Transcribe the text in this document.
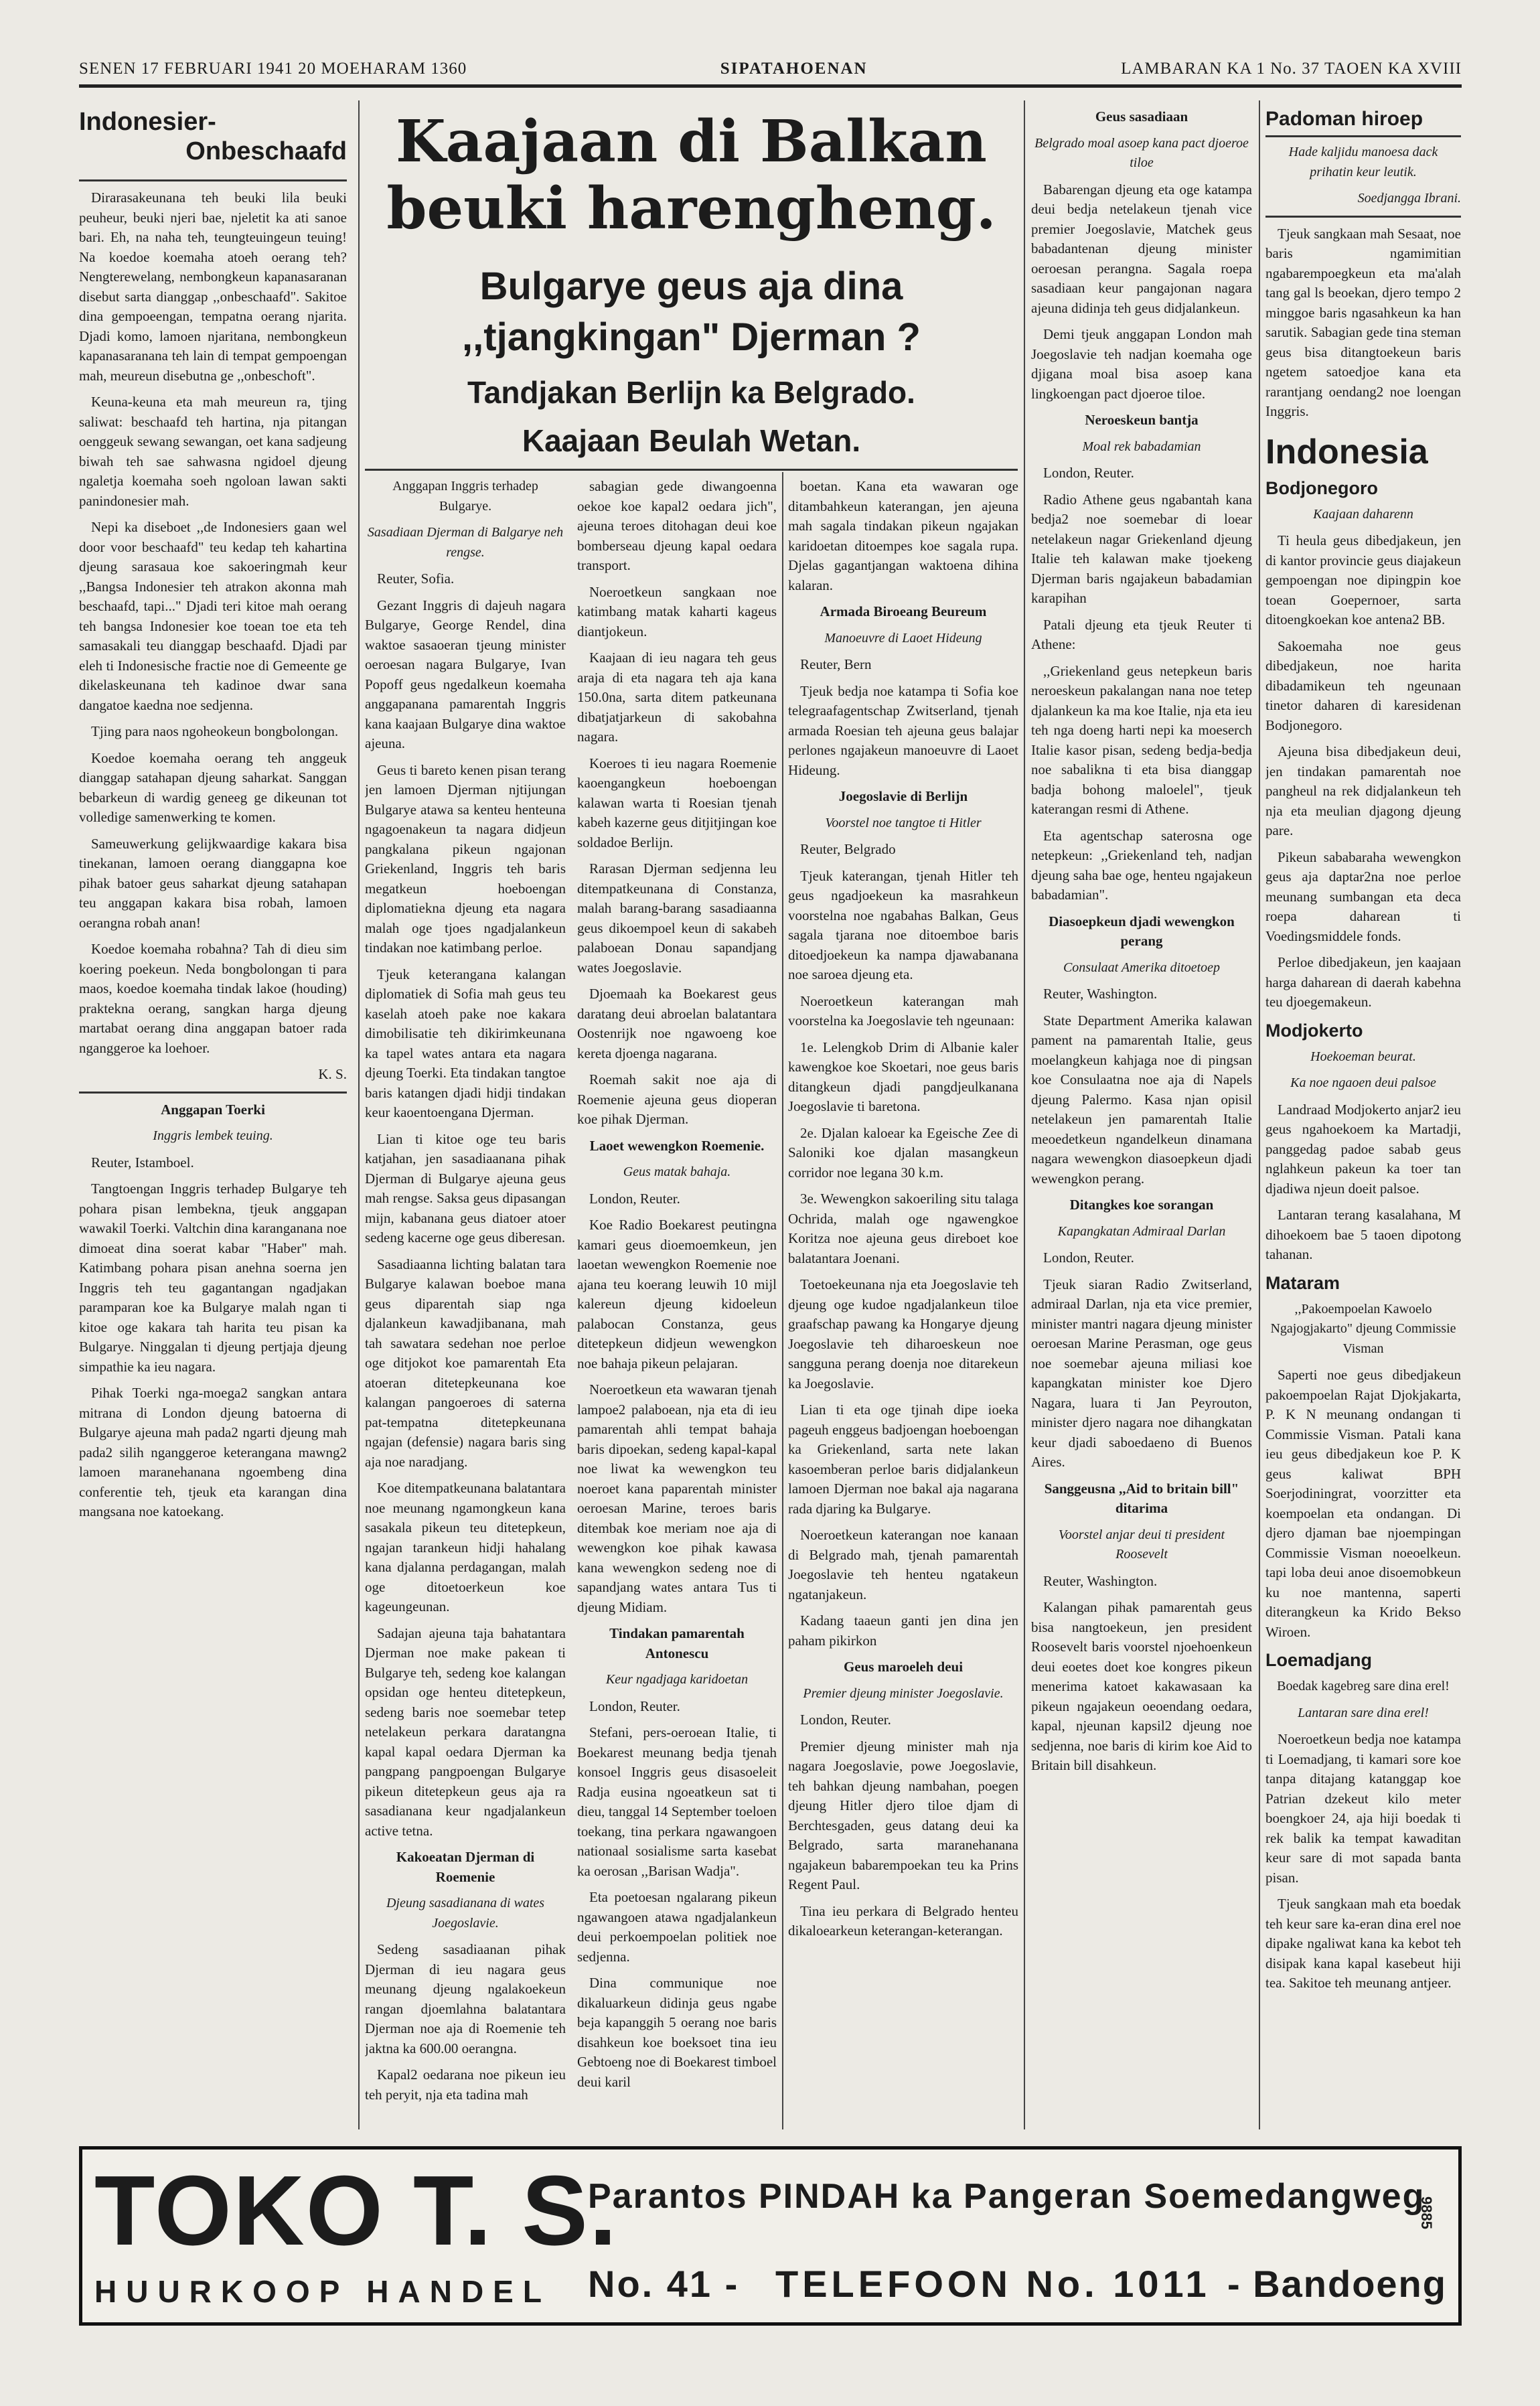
SENEN 17 FEBRUARI 1941 20 MOEHARAM 1360	SIPATAHOENAN	LAMBARAN KA 1 No. 37 TAOEN KA XVIII
Indonesier-
Onbeschaafd

Dirarasakeunana teh beuki lila beuki peuheur, beuki njeri bae, njeletit ka ati sanoe bari. Eh, na naha teh, teungteuingeun teuing! Na koedoe koemaha atoeh oerang teh? Nengterewelang, nembongkeun kapanasaranan disebut sarta dianggap ,,onbeschaafd". Sakitoe dina gempoeengan, tempatna oerang njarita. Djadi komo, lamoen njaritana, nembongkeun kapanasaranana teh lain di tempat gempoengan mah, meureun disebutna ge ,,onbeschoft".

Keuna-keuna eta mah meureun ra, tjing saliwat: beschaafd teh hartina, nja pitangan oenggeuk sewang sewangan, oet kana sadjeung biwah teh sae sahwasna ngidoel djeung ngaletja koemaha soeh ngoloan lawan sakti panindonesier mah.

Nepi ka diseboet ,,de Indonesiers gaan wel door voor beschaafd" teu kedap teh kahartina djeung sarasaua koe sakoeringmah keur ,,Bangsa Indonesier teh atrakon akonna mah beschaafd, tapi..." Djadi teri kitoe mah oerang teh bangsa Indonesier koe toean toe eta teh samasakali teu dianggap beschaafd. Djadi par eleh ti Indonesische fractie noe di Gemeente ge dikelaskeunana teh kadinoe dwar sana dangatoe kaedna noe sedjenna.

Tjing para naos ngoheokeun bongbolongan.

Koedoe koemaha oerang teh anggeuk dianggap satahapan djeung saharkat. Sanggan bebarkeun di wardig geneeg ge dikeunan tot volledige samenwerking te komen.

Sameuwerkung gelijkwaardige kakara bisa tinekanan, lamoen oerang dianggapna koe pihak batoer geus saharkat djeung satahapan teu anggapan kakara bisa robah, lamoen oerangna robah anan!

Koedoe koemaha robahna? Tah di dieu sim koering poekeun. Neda bongbolongan ti para maos, koedoe koemaha tindak lakoe (houding) praktekna oerang, sangkan harga djeung martabat oerang dina anggapan batoer rada nganggeroe ka loehoer.

K. S.

Anggapan Toerki

Inggris lembek teuing.

Reuter, Istamboel.

Tangtoengan Inggris terhadep Bulgarye teh pohara pisan lembekna, tjeuk anggapan wawakil Toerki. Valtchin dina karanganana noe dimoeat dina soerat kabar "Haber" mah. Katimbang pohara pisan anehna soerna jen Inggris teh teu gagantangan ngadjakan paramparan koe ka Bulgarye malah ngan ti kitoe oge kakara tah harita teu pisan ka Bulgarye. Ninggalan ti djeung pertjaja djeung simpathie ka ieu nagara.

Pihak Toerki nga-moega2 sangkan antara mitrana di London djeung batoerna di Bulgarye ajeuna mah pada2 ngarti djeung mah pada2 silih nganggeroe keterangana mawng2 lamoen maranehanana ngoembeng dina conferentie teh, tjeuk eta karangan dina mangsana noe katoekang.

Kaajaan di Balkan
beuki harengheng.
Bulgarye geus aja dina
,,tjangkingan" Djerman ?
Tandjakan Berlijn ka Belgrado.
Kaajaan Beulah Wetan.

Anggapan Inggris terhadep Bulgarye.

Sasadiaan Djerman di Balgarye neh rengse.

Reuter, Sofia.

Gezant Inggris di dajeuh nagara Bulgarye, George Rendel, dina waktoe sasaoeran tjeung minister oeroesan nagara Bulgarye, Ivan Popoff geus ngedalkeun koemaha anggapanana pamarentah Inggris kana kaajaan Bulgarye dina waktoe ajeuna.

Geus ti bareto kenen pisan terang jen lamoen Djerman njtijungan Bulgarye atawa sa kenteu henteuna ngagoenakeun ta nagara didjeun pangkalana pikeun ngajonan Griekenland, Inggris teh baris megatkeun hoeboengan diplomatiekna djeung eta nagara malah oge tjoes ngadjalankeun tindakan noe katimbang perloe.

Tjeuk keterangana kalangan diplomatiek di Sofia mah geus teu kaselah atoeh pake noe kakara dimobilisatie teh dikirimkeunana ka tapel wates antara eta nagara djeung Toerki. Eta tindakan tangtoe baris katangen djadi hidji tindakan keur kaoentoengana Djerman.

Lian ti kitoe oge teu baris katjahan, jen sasadiaanana pihak Djerman di Bulgarye ajeuna geus mah rengse. Saksa geus dipasangan mijn, kabanana geus diatoer atoer sedeng kacerne oge geus diberesan.

Sasadiaanna lichting balatan tara Bulgarye kalawan boeboe mana geus diparentah siap nga djalankeun kawadjibanana, mah tah sawatara sedehan noe perloe oge ditjokot koe pamarentah Eta atoeran ditetepkeunana koe kalangan pangoeroes di saterna pat-tempatna ditetepkeunana ngajan (defensie) nagara baris sing aja noe naradjang.

Koe ditempatkeunana balatantara noe meunang ngamongkeun kana sasakala pikeun teu ditetepkeun, ngajan tarankeun hidji hahalang kana djalanna perdagangan, malah oge ditoetoerkeun koe kageungeunan.

Sadajan ajeuna taja bahatantara Djerman noe make pakean ti Bulgarye teh, sedeng koe kalangan opsidan oge henteu ditetepkeun, sedeng baris noe soemebar tetep netelakeun perkara daratangna kapal kapal oedara Djerman ka pangpang pangpoengan Bulgarye pikeun ditetepkeun geus aja ra sasadianana keur ngadjalankeun active tetna.

Kakoeatan Djerman di Roemenie

Djeung sasadianana di wates Joegoslavie.

Sedeng sasadiaanan pihak Djerman di ieu nagara geus meunang djeung ngalakoekeun rangan djoemlahna balatantara Djerman noe aja di Roemenie teh jaktna ka 600.00 oerangna.

Kapal2 oedarana noe pikeun ieu teh peryit, nja eta tadina mah

sabagian gede diwangoenna oekoe koe kapal2 oedara jich", ajeuna teroes ditohagan deui koe bomberseau djeung kapal oedara transport.

Noeroetkeun sangkaan noe katimbang matak kaharti kageus diantjokeun.

Kaajaan di ieu nagara teh geus araja di eta nagara teh aja kana 150.0na, sarta ditem patkeunana dibatjatjarkeun di sakobahna nagara.

Koeroes ti ieu nagara Roemenie kaoengangkeun hoeboengan kalawan warta ti Roesian tjenah kabeh kazerne geus ditjitjingan koe soldadoe Berlijn.

Rarasan Djerman sedjenna leu ditempatkeunana di Constanza, malah barang-barang sasadiaanna geus dikoempoel keun di sakabeh palaboean Donau sapandjang wates Joegoslavie.

Djoemaah ka Boekarest geus daratang deui abroelan balatantara Oostenrijk noe ngawoeng koe kereta djoenga nagarana.

Roemah sakit noe aja di Roemenie ajeuna geus dioperan koe pihak Djerman.

Laoet wewengkon Roemenie.

Geus matak bahaja.

London, Reuter.

Koe Radio Boekarest peutingna kamari geus dioemoemkeun, jen laoetan wewengkon Roemenie noe ajana teu koerang leuwih 10 mijl kalereun djeung kidoeleun palabocan Constanza, geus ditetepkeun didjeun wewengkon noe bahaja pikeun pelajaran.

Noeroetkeun eta wawaran tjenah lampoe2 palaboean, nja eta di ieu pamarentah ahli tempat bahaja baris dipoekan, sedeng kapal-kapal noe liwat ka wewengkon teu noeroet kana paparentah minister oeroesan Marine, teroes baris ditembak koe meriam noe aja di wewengkon koe pihak kawasa kana wewengkon sedeng noe di sapandjang wates antara Tus ti djeung Midiam.

Tindakan pamarentah Antonescu

Keur ngadjaga karidoetan

London, Reuter.

Stefani, pers-oeroean Italie, ti Boekarest meunang bedja tjenah konsoel Inggris geus disasoeleit Radja eusina ngoeatkeun sat ti dieu, tanggal 14 September toeloen toekang, tina perkara ngawangoen nationaal sosialisme sarta kasebat ka oerosan ,,Barisan Wadja".

Eta poetoesan ngalarang pikeun ngawangoen atawa ngadjalankeun deui perkoempoelan politiek noe sedjenna.

Dina communique noe dikaluarkeun didinja geus ngabe beja kapanggih 5 oerang noe baris disahkeun koe boeksoet tina ieu Gebtoeng noe di Boekarest timboel deui karil

boetan. Kana eta wawaran oge ditambahkeun katerangan, jen ajeuna mah sagala tindakan pikeun ngajakan karidoetan ditoempes koe sagala rupa. Djelas gagantjangan waktoena dihina kalaran.

Armada Biroeang Beureum

Manoeuvre di Laoet Hideung

Reuter, Bern

Tjeuk bedja noe katampa ti Sofia koe telegraafagentschap Zwitserland, tjenah armada Roesian teh ajeuna geus balajar perlones ngajakeun manoeuvre di Laoet Hideung.

Joegoslavie di Berlijn

Voorstel noe tangtoe ti Hitler

Reuter, Belgrado

Tjeuk katerangan, tjenah Hitler teh geus ngadjoekeun ka masrahkeun voorstelna noe ngabahas Balkan, Geus sagala tjarana noe ditoemboe baris ditoedjoekeun ka nampa djawabanana noe saroea djeung eta.

Noeroetkeun katerangan mah voorstelna ka Joegoslavie teh ngeunaan:

1e. Lelengkob Drim di Albanie kaler kawengkoe koe Skoetari, noe geus baris ditangkeun djadi pangdjeulkanana Joegoslavie ti baretona.

2e. Djalan kaloear ka Egeische Zee di Saloniki koe djalan masangkeun corridor noe legana 30 k.m.

3e. Wewengkon sakoeriling situ talaga Ochrida, malah oge ngawengkoe Koritza noe ajeuna geus direboet koe balatantara Joenani.

Toetoekeunana nja eta Joegoslavie teh djeung oge kudoe ngadjalankeun tiloe graafschap pawang ka Hongarye djeung Joegoslavie teh diharoeskeun noe sangguna perang doenja noe ditarekeun ka Joegoslavie.

Lian ti eta oge tjinah dipe ioeka pageuh enggeus badjoengan hoeboengan ka Griekenland, sarta nete lakan kasoemberan perloe baris didjalankeun lamoen Djerman noe bakal aja nagarana rada djaring ka Bulgarye.

Noeroetkeun katerangan noe kanaan di Belgrado mah, tjenah pamarentah Joegoslavie teh henteu ngatakeun ngatanjakeun.

Kadang taaeun ganti jen dina jen paham pikirkon

Geus maroeleh deui

Premier djeung minister Joegoslavie.

London, Reuter.

Premier djeung minister mah nja nagara Joegoslavie, powe Joegoslavie, teh bahkan djeung nambahan, poegen djeung Hitler djero tiloe djam di Berchtesgaden, geus datang deui ka Belgrado, sarta maranehanana ngajakeun babarempoekan teu ka Prins Regent Paul.

Tina ieu perkara di Belgrado henteu dikaloearkeun keterangan-keterangan.

Geus sasadiaan

Belgrado moal asoep kana pact djoeroe tiloe

Babarengan djeung eta oge katampa deui bedja netelakeun tjenah vice premier Joegoslavie, Matchek geus babadantenan djeung minister oeroesan perangna. Sagala roepa sasadiaan keur pangajonan nagara ajeuna didinja teh geus didjalankeun.

Demi tjeuk anggapan London mah Joegoslavie teh nadjan koemaha oge djigana moal bisa asoep kana lingkoengan pact djoeroe tiloe.

Neroeskeun bantja

Moal rek babadamian

London, Reuter.

Radio Athene geus ngabantah kana bedja2 noe soemebar di loear netelakeun nagar Griekenland djeung Italie teh kalawan make tjoekeng Djerman baris ngajakeun babadamian karapihan

Patali djeung eta tjeuk Reuter ti Athene:

,,Griekenland geus netepkeun baris neroeskeun pakalangan nana noe tetep djalankeun ka ma koe Italie, nja eta ieu teh nga doeng harti nepi ka moeserch Italie kasor pisan, sedeng bedja-bedja noe sabalikna ti eta bisa dianggap badja bohong maloelel", tjeuk katerangan resmi di Athene.

Eta agentschap saterosna oge netepkeun: ,,Griekenland teh, nadjan djeung saha bae oge, henteu ngajakeun babadamian".

Diasoepkeun djadi wewengkon perang

Consulaat Amerika ditoetoep

Reuter, Washington.

State Department Amerika kalawan pament na pamarentah Italie, geus moelangkeun kahjaga noe di pingsan koe Consulaatna noe aja di Napels djeung Palermo. Kasa njan opisil netelakeun jen pamarentah Italie meoedetkeun ngandelkeun dinamana nagara wewengkon diasoepkeun djadi wewengkon perang.

Ditangkes koe sorangan

Kapangkatan Admiraal Darlan

London, Reuter.

Tjeuk siaran Radio Zwitserland, admiraal Darlan, nja eta vice premier, minister mantri nagara djeung minister oeroesan Marine Perasman, oge geus noe soemebar ajeuna miliasi koe kapangkatan minister koe Djero Nagara, luara ti Jan Peyrouton, minister djero nagara noe dihangkatan keur djadi saboedaeno di Buenos Aires.

Sanggeusna ,,Aid to britain bill" ditarima

Voorstel anjar deui ti president Roosevelt

Reuter, Washington.

Kalangan pihak pamarentah geus bisa nangtoekeun, jen president Roosevelt baris voorstel njoehoenkeun deui eoetes doet koe kongres pikeun menerima katoet kakawasaan ka pikeun ngajakeun oeoendang oedara, kapal, njeunan kapsil2 djeung noe sedjenna, noe baris di kirim koe Aid to Britain bill disahkeun.

Padoman hiroep

Hade kaljidu manoesa dack prihatin keur leutik.

Soedjangga Ibrani.

Tjeuk sangkaan mah Sesaat, noe baris ngamimitian ngabarempoegkeun eta ma'alah tang gal ls beoekan, djero tempo 2 minggoe baris ngasahkeun ka han sarutik. Sabagian gede tina steman geus bisa ditangtoekeun baris ngetem satoedjoe kana eta rarantjang oendang2 noe loengan Inggris.

Indonesia
Bodjonegoro

Kaajaan daharenn

Ti heula geus dibedjakeun, jen di kantor provincie geus diajakeun gempoengan noe dipingpin koe toean Goepernoer, sarta ditoengkoekan koe antena2 BB.

Sakoemaha noe geus dibedjakeun, noe harita dibadamikeun teh ngeunaan tinetor daharen di karesidenan Bodjonegoro.

Ajeuna bisa dibedjakeun deui, jen tindakan pamarentah noe pangheul na rek didjalankeun teh nja eta meulian djagong djeung pare.

Pikeun sababaraha wewengkon geus aja daptar2na noe perloe meunang sumbangan eta deca roepa daharean ti Voedingsmiddele fonds.

Perloe dibedjakeun, jen kaajaan harga daharean di daerah kabehna teu djoegemakeun.

Modjokerto

Hoekoeman beurat.

Ka noe ngaoen deui palsoe

Landraad Modjokerto anjar2 ieu geus ngahoekoem ka Martadji, panggedag padoe sabab geus nglahkeun pakeun ka toer tan djadiwa njeun doeit palsoe.

Lantaran terang kasalahana, M dihoekoem bae 5 taoen dipotong tahanan.

Mataram

,,Pakoempoelan Kawoelo Ngajogjakarto" djeung Commissie Visman

Saperti noe geus dibedjakeun pakoempoelan Rajat Djokjakarta, P. K N meunang ondangan ti Commissie Visman. Patali kana ieu geus dibedjakeun koe P. K geus kaliwat BPH Soerjodiningrat, voorzitter eta koempoelan eta ondangan. Di djero djaman bae njoempingan Commissie Visman noeoelkeun. tapi loba deui anoe disoemobkeun ku noe mantenna, saperti diterangkeun ka Krido Bekso Wiroen.

Loemadjang

Boedak kagebreg sare dina erel!

Lantaran sare dina erel!

Noeroetkeun bedja noe katampa ti Loemadjang, ti kamari sore koe tanpa ditajang katanggap koe Patrian dzekeut kilo meter boengkoer 24, aja hiji boedak ti rek balik ka tempat kawaditan keur sare di mot sapada banta pisan.

Tjeuk sangkaan mah eta boedak teh keur sare ka-eran dina erel noe dipake ngaliwat kana ka kebot teh disipak kana kapal kasebeut hiji tea. Sakitoe teh meunang antjeer.

TOKO T. S.
HUURKOOP HANDEL
Parantos PINDAH ka Pangeran Soemedangweg
No. 41 - TELEFOON No. 1011 - Bandoeng
9885
